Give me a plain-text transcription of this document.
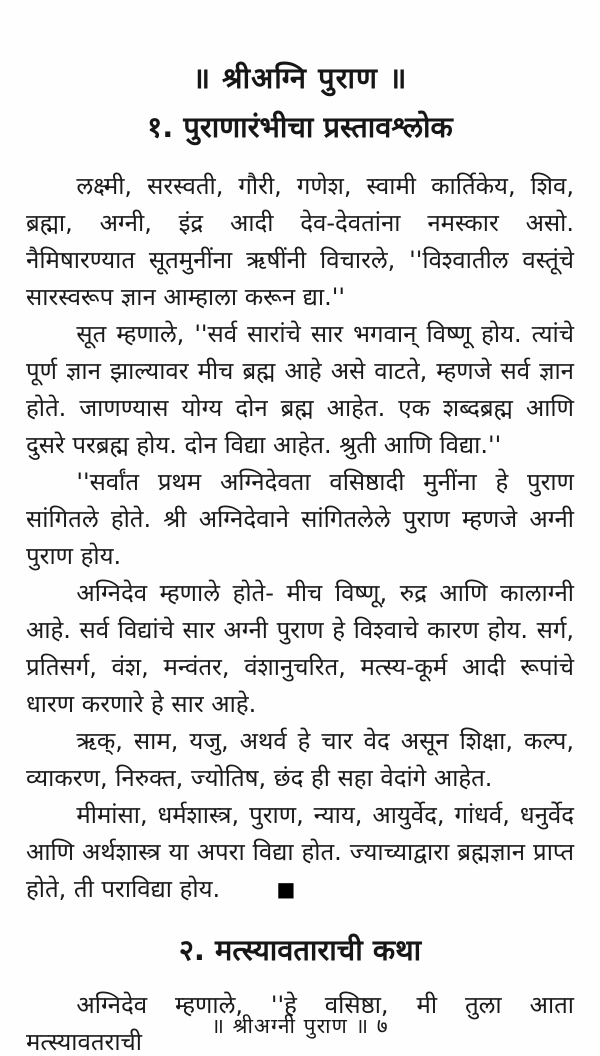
॥ श्रीअग्नि पुराण ॥
१. पुराणारंभीचा प्रस्तावश्लोक

लक्ष्मी, सरस्वती, गौरी, गणेश, स्वामी कार्तिकेय, शिव, ब्रह्मा, अग्नी, इंद्र आदी देव-देवतांना नमस्कार असो. नैमिषारण्यात सूतमुनींना ऋषींनी विचारले, ''विश्वातील वस्तूंचे सारस्वरूप ज्ञान आम्हाला करून द्या.''

सूत म्हणाले, ''सर्व सारांचे सार भगवान् विष्णू होय. त्यांचे पूर्ण ज्ञान झाल्यावर मीच ब्रह्म आहे असे वाटते, म्हणजे सर्व ज्ञान होते. जाणण्यास योग्य दोन ब्रह्म आहेत. एक शब्दब्रह्म आणि दुसरे परब्रह्म होय. दोन विद्या आहेत. श्रुती आणि विद्या.''

''सर्वांत प्रथम अग्निदेवता वसिष्ठादी मुनींना हे पुराण सांगितले होते. श्री अग्निदेवाने सांगितलेले पुराण म्हणजे अग्नी पुराण होय.

अग्निदेव म्हणाले होते- मीच विष्णू, रुद्र आणि कालाग्नी आहे. सर्व विद्यांचे सार अग्नी पुराण हे विश्वाचे कारण होय. सर्ग, प्रतिसर्ग, वंश, मन्वंतर, वंशानुचरित, मत्स्य-कूर्म आदी रूपांचे धारण करणारे हे सार आहे.

ऋक्, साम, यजु, अथर्व हे चार वेद असून शिक्षा, कल्प, व्याकरण, निरुक्त, ज्योतिष, छंद ही सहा वेदांगे आहेत.

मीमांसा, धर्मशास्त्र, पुराण, न्याय, आयुर्वेद, गांधर्व, धनुर्वेद आणि अर्थशास्त्र या अपरा विद्या होत. ज्याच्याद्वारा ब्रह्मज्ञान प्राप्त होते, ती पराविद्या होय.	■

२. मत्स्यावताराची कथा

अग्निदेव म्हणाले, ''हे वसिष्ठा, मी तुला आता मत्स्यावतराची

॥ श्रीअग्नी पुराण ॥ ७
